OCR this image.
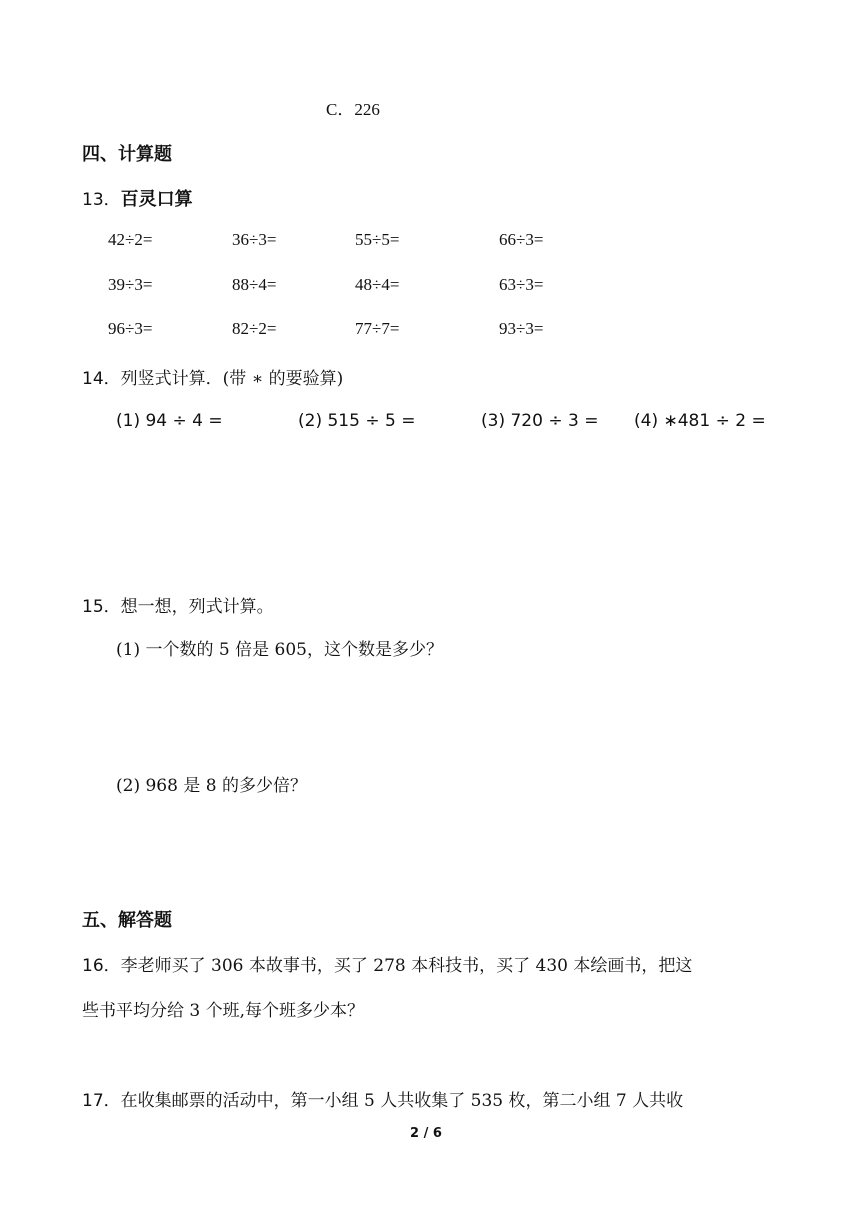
C．226
四、计算题
13．百灵口算
42÷2=	36÷3=	55÷5=	66÷3=
39÷3=	88÷4=	48÷4=	63÷3=
96÷3=	82÷2=	77÷7=	93÷3=
14．列竖式计算．(带 ∗ 的要验算)
(1) 94 ÷ 4 =	(2) 515 ÷ 5 =	(3) 720 ÷ 3 = (4) ∗481 ÷ 2 =
15．想一想，列式计算。
(1) 一个数的 5 倍是 605，这个数是多少？
(2) 968 是 8 的多少倍？
五、解答题
16．李老师买了 306 本故事书，买了 278 本科技书，买了 430 本绘画书，把这
些书平均分给 3 个班,每个班多少本？
17．在收集邮票的活动中，第一小组 5 人共收集了 535 枚，第二小组 7 人共收
2 / 6
